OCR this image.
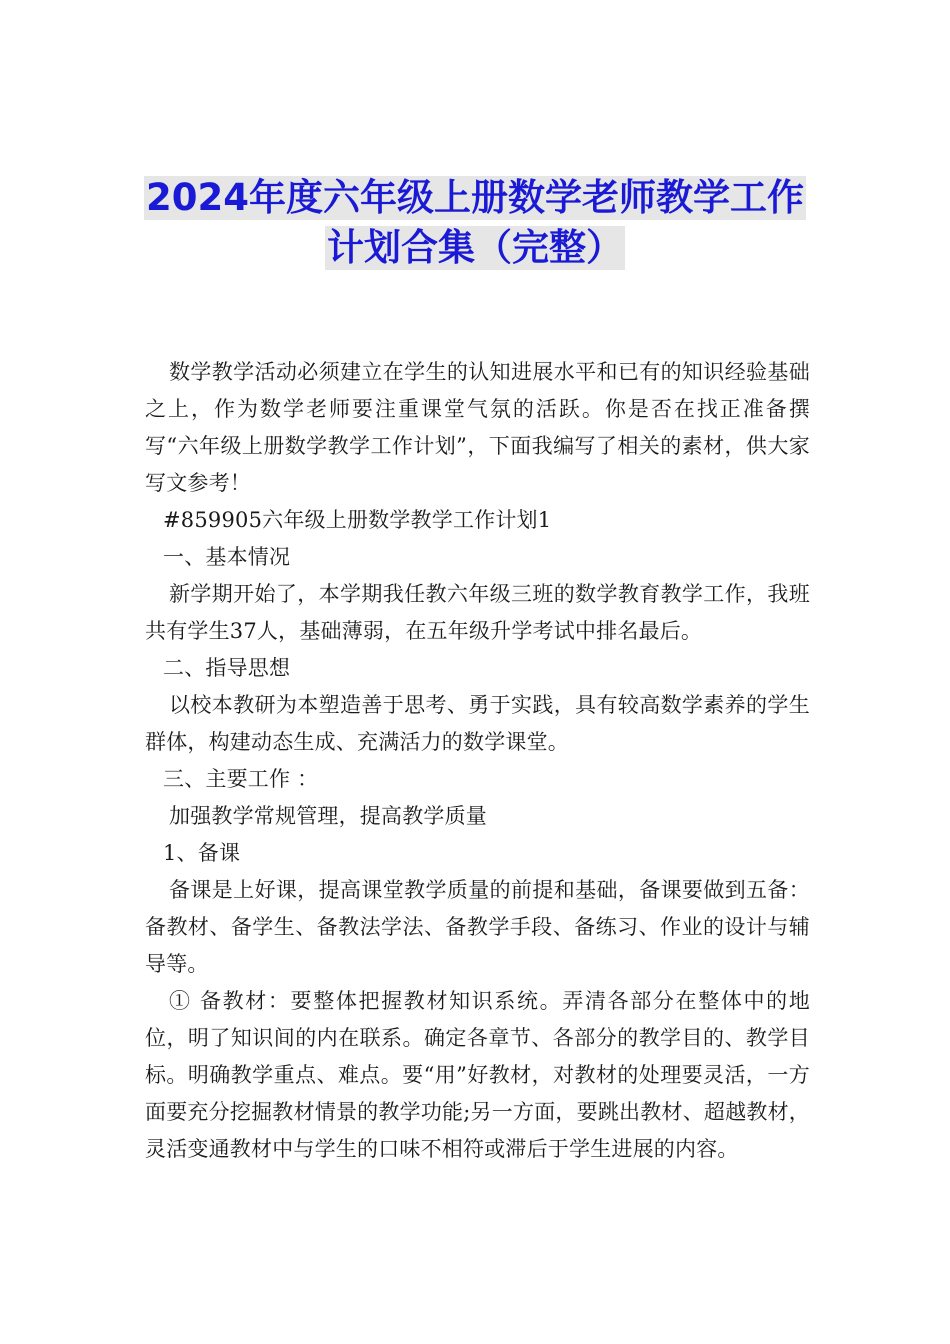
2024年度六年级上册数学老师教学工作
计划合集（完整）

数学教学活动必须建立在学生的认知进展水平和已有的知识经验基础之上，作为数学老师要注重课堂气氛的活跃。你是否在找正准备撰写“六年级上册数学教学工作计划”，下面我编写了相关的素材，供大家写文参考！

#859905六年级上册数学教学工作计划1

一、基本情况

新学期开始了，本学期我任教六年级三班的数学教育教学工作，我班共有学生37人，基础薄弱，在五年级升学考试中排名最后。

二、指导思想

以校本教研为本塑造善于思考、勇于实践，具有较高数学素养的学生群体，构建动态生成、充满活力的数学课堂。

三、主要工作 ：

加强教学常规管理，提高教学质量

1、备课

备课是上好课，提高课堂教学质量的前提和基础，备课要做到五备：备教材、备学生、备教法学法、备教学手段、备练习、作业的设计与辅导等。

① 备教材：要整体把握教材知识系统。弄清各部分在整体中的地位，明了知识间的内在联系。确定各章节、各部分的教学目的、教学目标。明确教学重点、难点。要“用”好教材，对教材的处理要灵活，一方面要充分挖掘教材情景的教学功能;另一方面，要跳出教材、超越教材，灵活变通教材中与学生的口味不相符或滞后于学生进展的内容。
